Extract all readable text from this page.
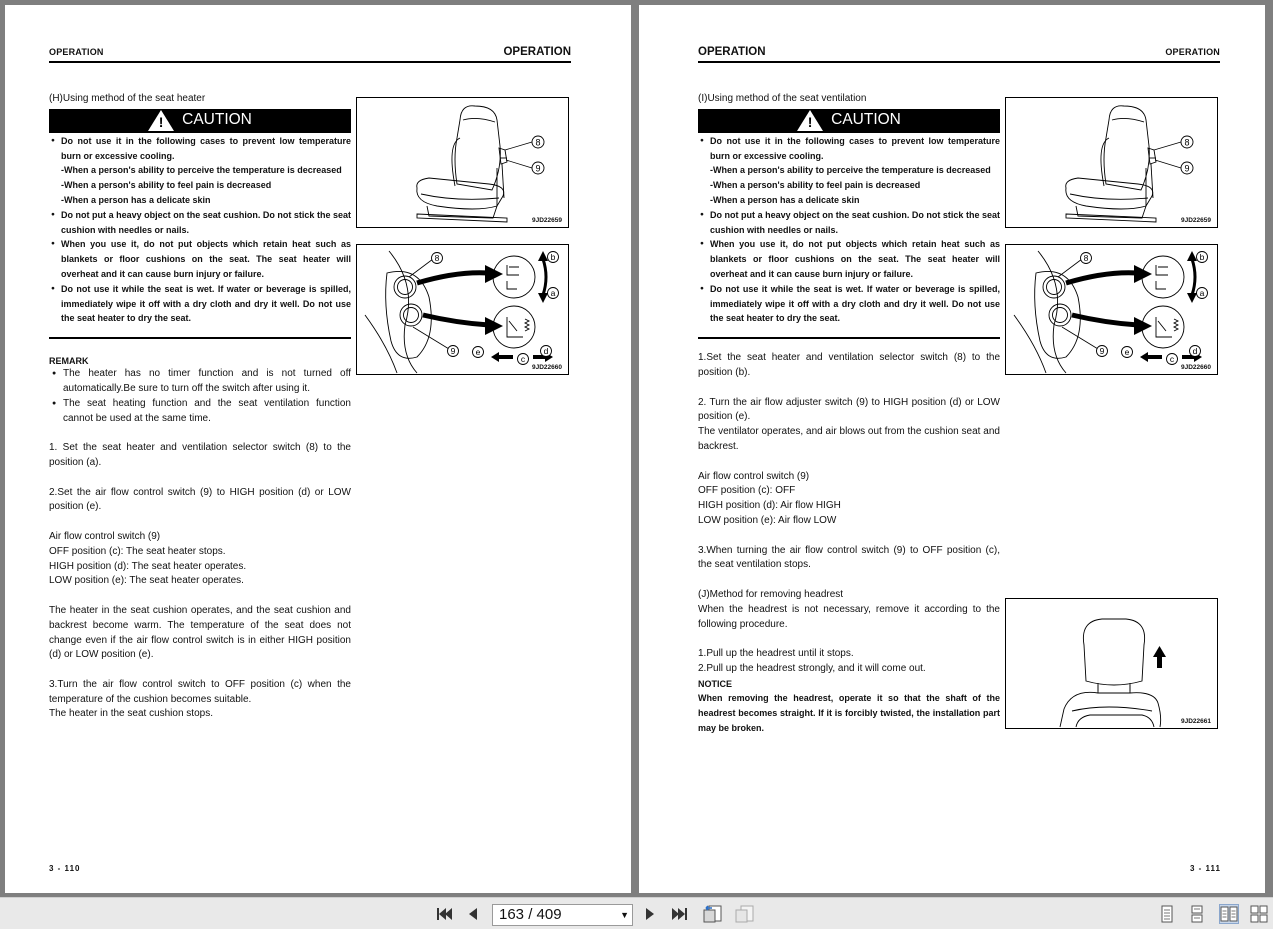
OPERATION	OPERATION
(H)Using method of the seat heater
! CAUTION
● Do not use it in the following cases to prevent low temperature burn or excessive cooling.
-When a person's ability to perceive the temperature is decreased
-When a person's ability to feel pain is decreased
-When a person has a delicate skin
● Do not put a heavy object on the seat cushion. Do not stick the seat cushion with needles or nails.
● When you use it, do not put objects which retain heat such as blankets or floor cushions on the seat. The seat heater will overheat and it can cause burn injury or failure.
● Do not use it while the seat is wet. If water or beverage is spilled, immediately wipe it off with a dry cloth and dry it well. Do not use the seat heater to dry the seat.
REMARK
● The heater has no timer function and is not turned off automatically.Be sure to turn off the switch after using it.
● The seat heating function and the seat ventilation function cannot be used at the same time.
1. Set the seat heater and ventilation selector switch (8) to the position (a).
2.Set the air flow control switch (9) to HIGH position (d) or LOW position (e).
Air flow control switch (9)
OFF position (c): The seat heater stops.
HIGH position (d): The seat heater operates.
LOW position (e): The seat heater operates.
The heater in the seat cushion operates, and the seat cushion and backrest become warm. The temperature of the seat does not change even if the air flow control switch is in either HIGH position (d) or LOW position (e).
3.Turn the air flow control switch to OFF position (c) when the temperature of the cushion becomes suitable.
The heater in the seat cushion stops.
8
9
9JD22659
8
9
b
a
c
d
e
9JD22660
3 - 110
OPERATION	OPERATION
(I)Using method of the seat ventilation
! CAUTION
● Do not use it in the following cases to prevent low temperature burn or excessive cooling.
-When a person's ability to perceive the temperature is decreased
-When a person's ability to feel pain is decreased
-When a person has a delicate skin
● Do not put a heavy object on the seat cushion. Do not stick the seat cushion with needles or nails.
● When you use it, do not put objects which retain heat such as blankets or floor cushions on the seat. The seat heater will overheat and it can cause burn injury or failure.
● Do not use it while the seat is wet. If water or beverage is spilled, immediately wipe it off with a dry cloth and dry it well. Do not use the seat heater to dry the seat.
1.Set the seat heater and ventilation selector switch (8) to the position (b).
2. Turn the air flow adjuster switch (9) to HIGH position (d) or LOW position (e).
The ventilator operates, and air blows out from the cushion seat and backrest.
Air flow control switch (9)
OFF position (c): OFF
HIGH position (d): Air flow HIGH
LOW position (e): Air flow LOW
3.When turning the air flow control switch (9) to OFF position (c), the seat ventilation stops.
(J)Method for removing headrest
When the headrest is not necessary, remove it according to the following procedure.
1.Pull up the headrest until it stops.
2.Pull up the headrest strongly, and it will come out.
NOTICE
When removing the headrest, operate it so that the shaft of the headrest becomes straight. If it is forcibly twisted, the installation part may be broken.
8
9
9JD22659
8
9
b
a
c
d
e
9JD22660
9JD22661
3 - 111
163 / 409	▼
